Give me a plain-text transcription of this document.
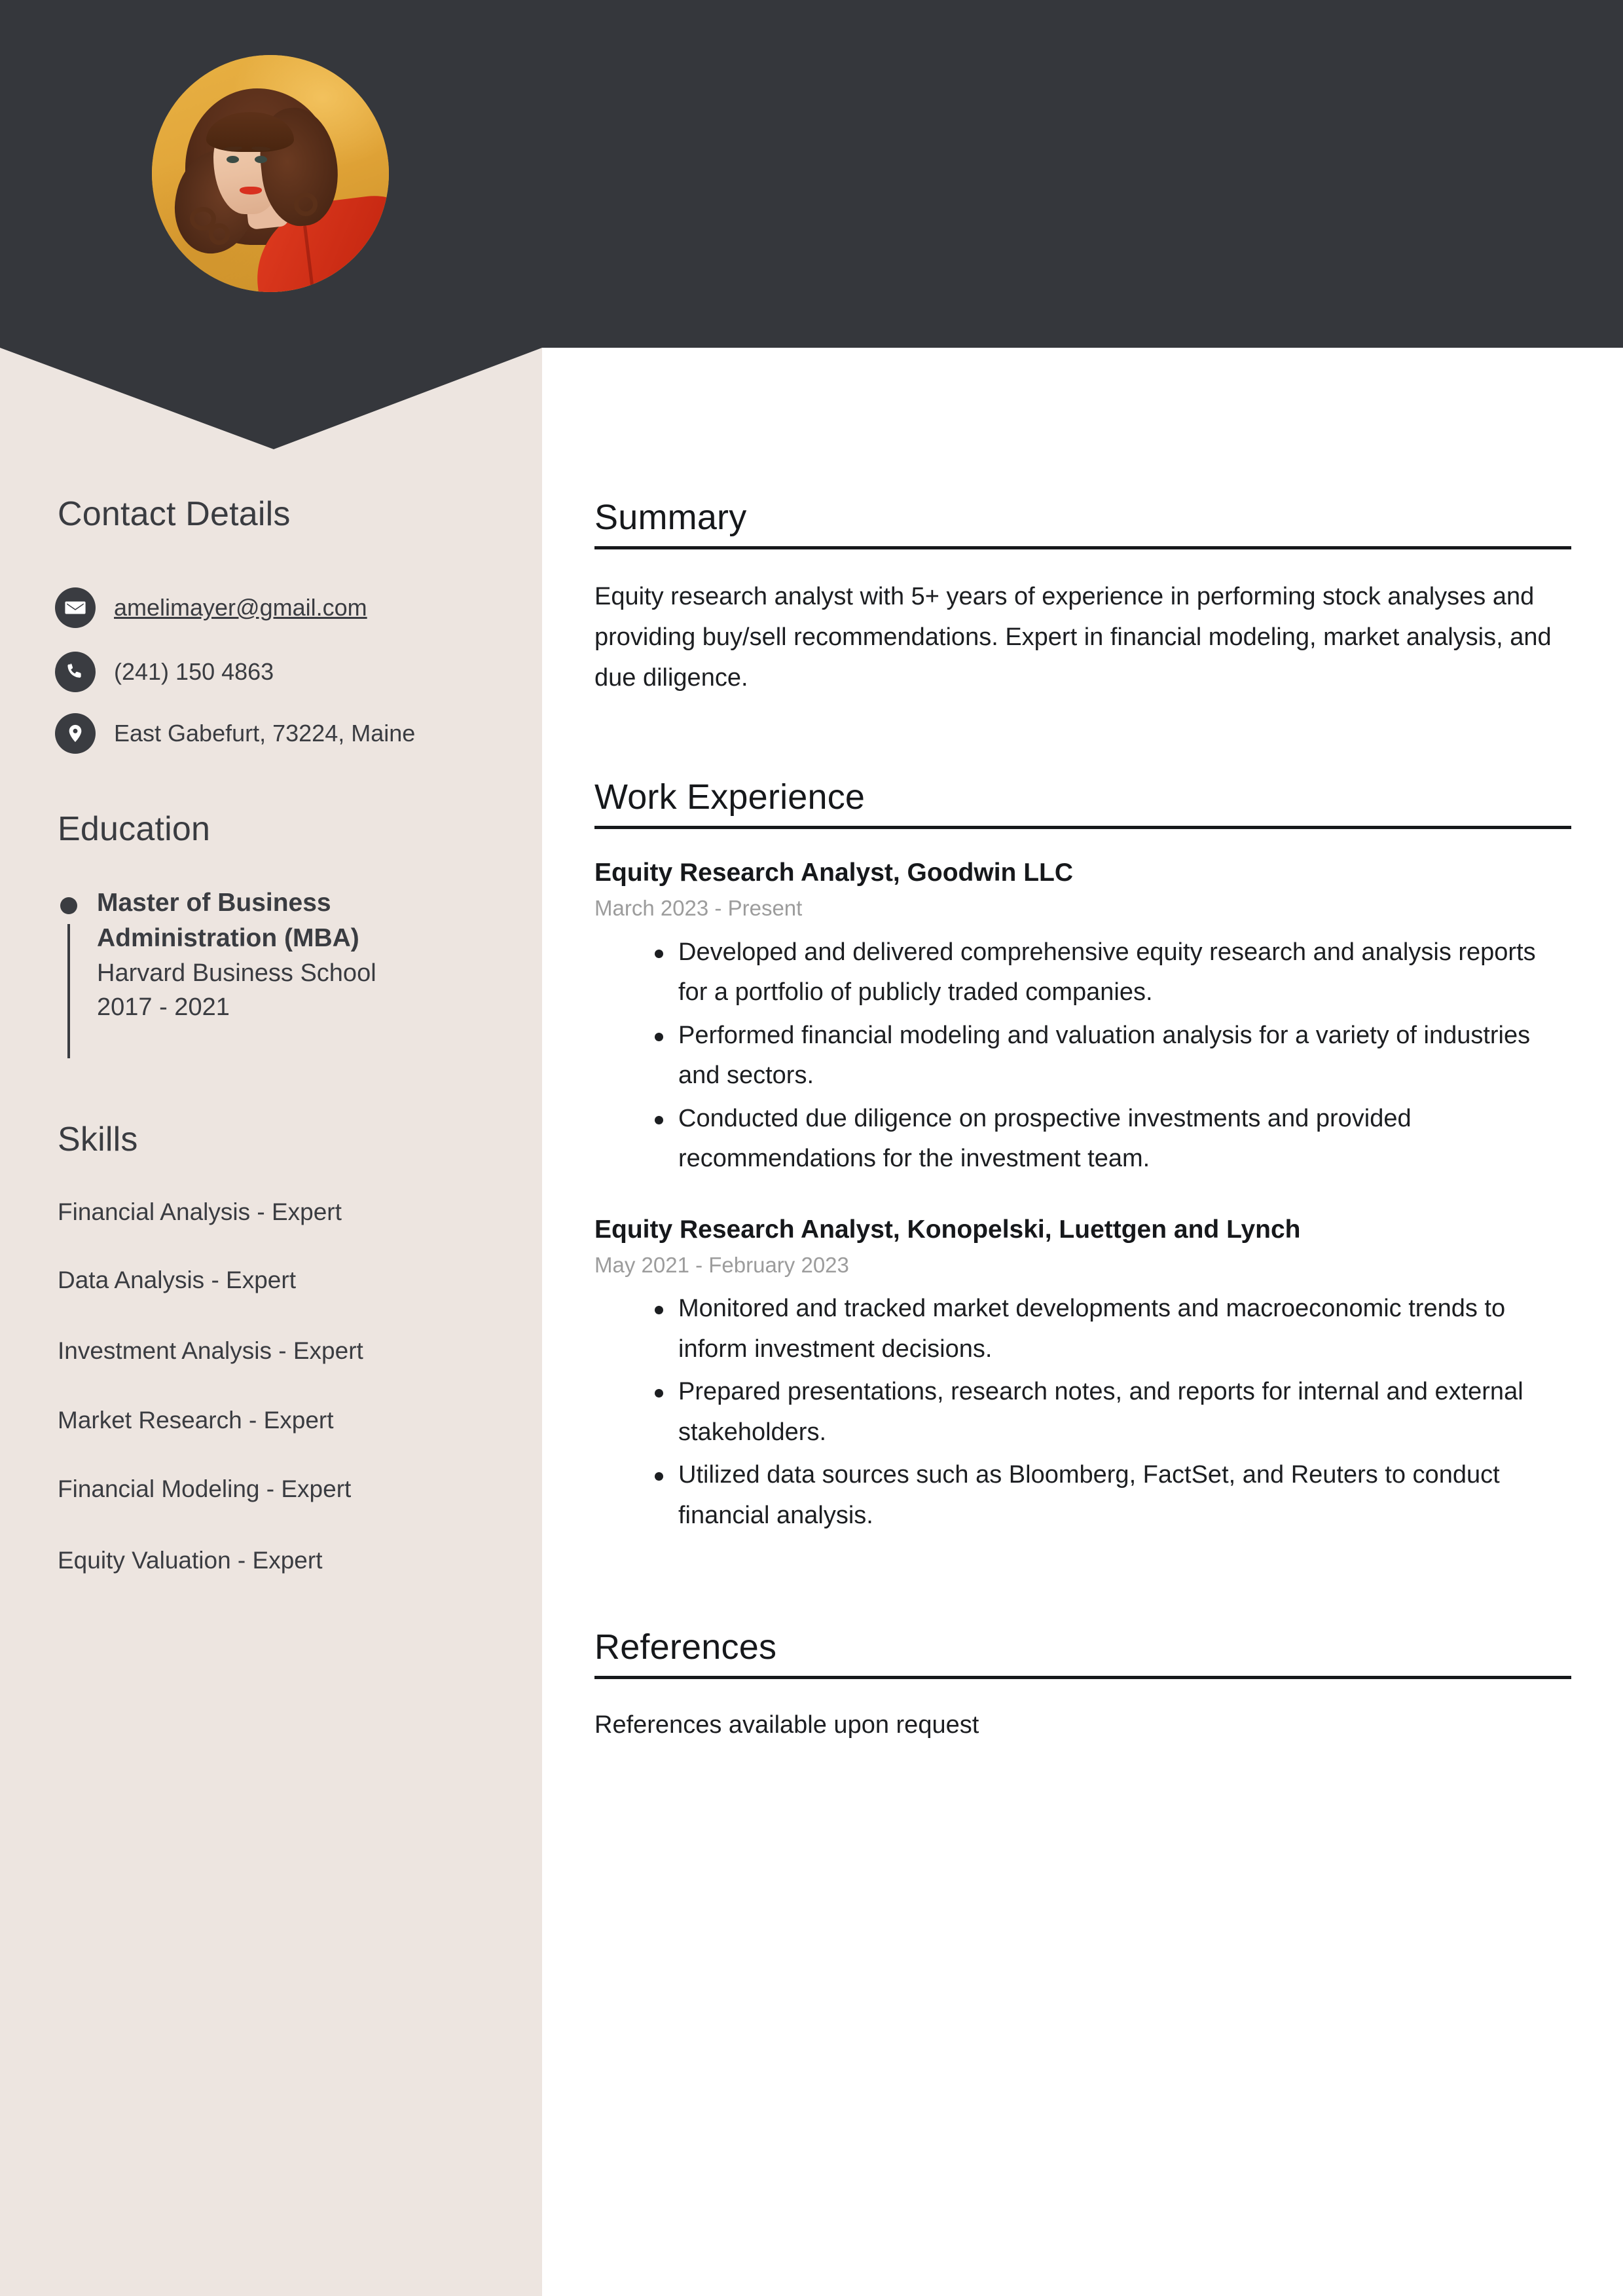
Contact Details
amelimayer@gmail.com
(241) 150 4863
East Gabefurt, 73224, Maine
Education
Master of Business Administration (MBA)
Harvard Business School
2017 - 2021
Skills
Financial Analysis - Expert
Data Analysis - Expert
Investment Analysis - Expert
Market Research - Expert
Financial Modeling - Expert
Equity Valuation - Expert
Summary
Equity research analyst with 5+ years of experience in performing stock analyses and providing buy/sell recommendations. Expert in financial modeling, market analysis, and due diligence.
Work Experience
Equity Research Analyst, Goodwin LLC
March 2023 - Present
Developed and delivered comprehensive equity research and analysis reports for a portfolio of publicly traded companies.
Performed financial modeling and valuation analysis for a variety of industries and sectors.
Conducted due diligence on prospective investments and provided recommendations for the investment team.
Equity Research Analyst, Konopelski, Luettgen and Lynch
May 2021 - February 2023
Monitored and tracked market developments and macroeconomic trends to inform investment decisions.
Prepared presentations, research notes, and reports for internal and external stakeholders.
Utilized data sources such as Bloomberg, FactSet, and Reuters to conduct financial analysis.
References
References available upon request
